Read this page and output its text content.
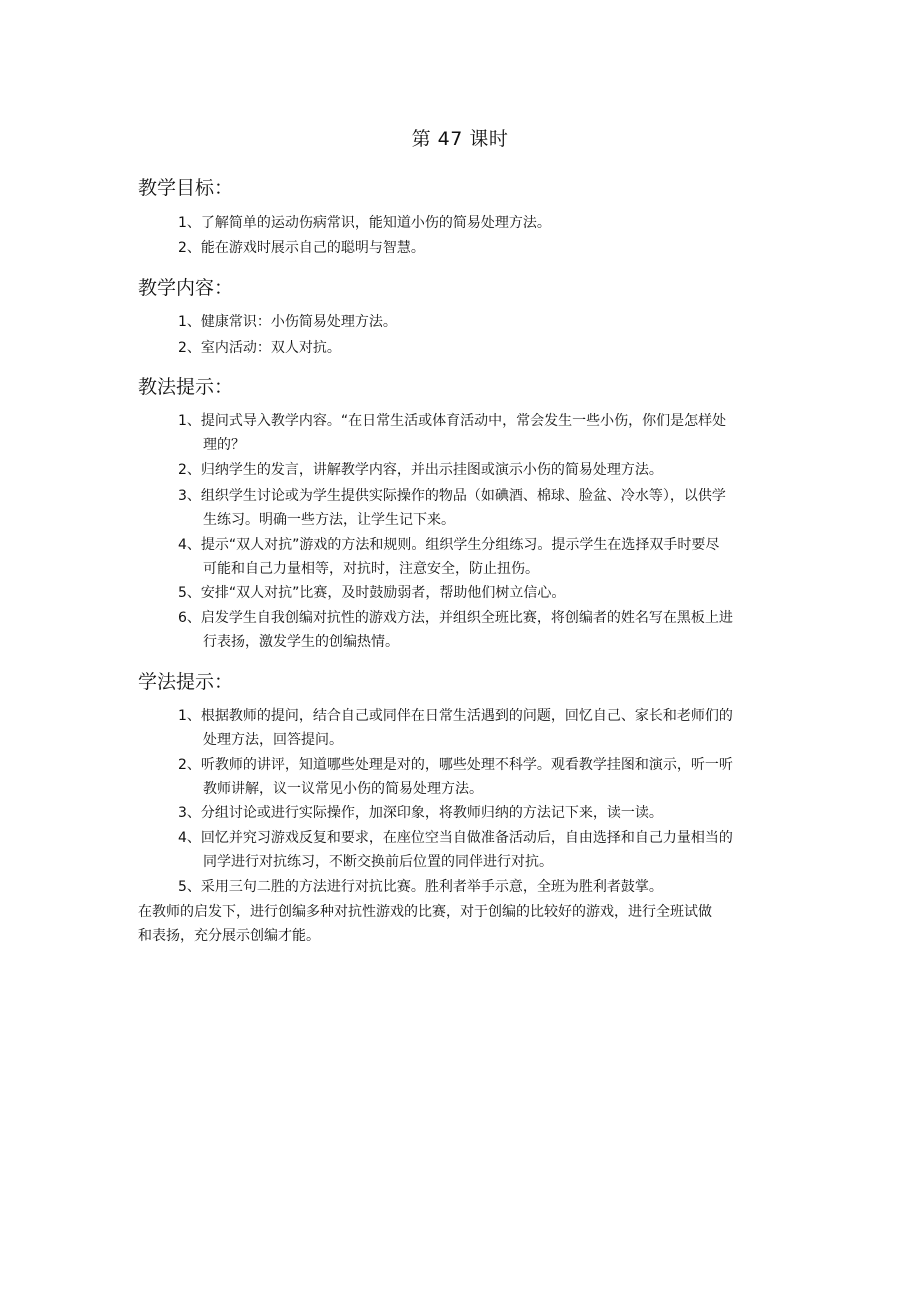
第 47 课时
教学目标：
1、了解简单的运动伤病常识，能知道小伤的简易处理方法。
2、能在游戏时展示自己的聪明与智慧。
教学内容：
1、健康常识：小伤简易处理方法。
2、室内活动：双人对抗。
教法提示：
1、提问式导入教学内容。“在日常生活或体育活动中，常会发生一些小伤，你们是怎样处
理的？
2、归纳学生的发言，讲解教学内容，并出示挂图或演示小伤的简易处理方法。
3、组织学生讨论或为学生提供实际操作的物品（如碘酒、棉球、脸盆、冷水等），以供学
生练习。明确一些方法，让学生记下来。
4、提示“双人对抗”游戏的方法和规则。组织学生分组练习。提示学生在选择双手时要尽
可能和自己力量相等，对抗时，注意安全，防止扭伤。
5、安排“双人对抗”比赛，及时鼓励弱者，帮助他们树立信心。
6、启发学生自我创编对抗性的游戏方法，并组织全班比赛，将创编者的姓名写在黑板上进
行表扬，激发学生的创编热情。
学法提示：
1、根据教师的提问，结合自己或同伴在日常生活遇到的问题，回忆自己、家长和老师们的
处理方法，回答提问。
2、听教师的讲评，知道哪些处理是对的，哪些处理不科学。观看教学挂图和演示，听一听
教师讲解，议一议常见小伤的简易处理方法。
3、分组讨论或进行实际操作，加深印象，将教师归纳的方法记下来，读一读。
4、回忆并究习游戏反复和要求，在座位空当自做准备活动后，自由选择和自己力量相当的
同学进行对抗练习，不断交换前后位置的同伴进行对抗。
5、采用三句二胜的方法进行对抗比赛。胜利者举手示意，全班为胜利者鼓掌。
在教师的启发下，进行创编多种对抗性游戏的比赛，对于创编的比较好的游戏，进行全班试做
和表扬，充分展示创编才能。
